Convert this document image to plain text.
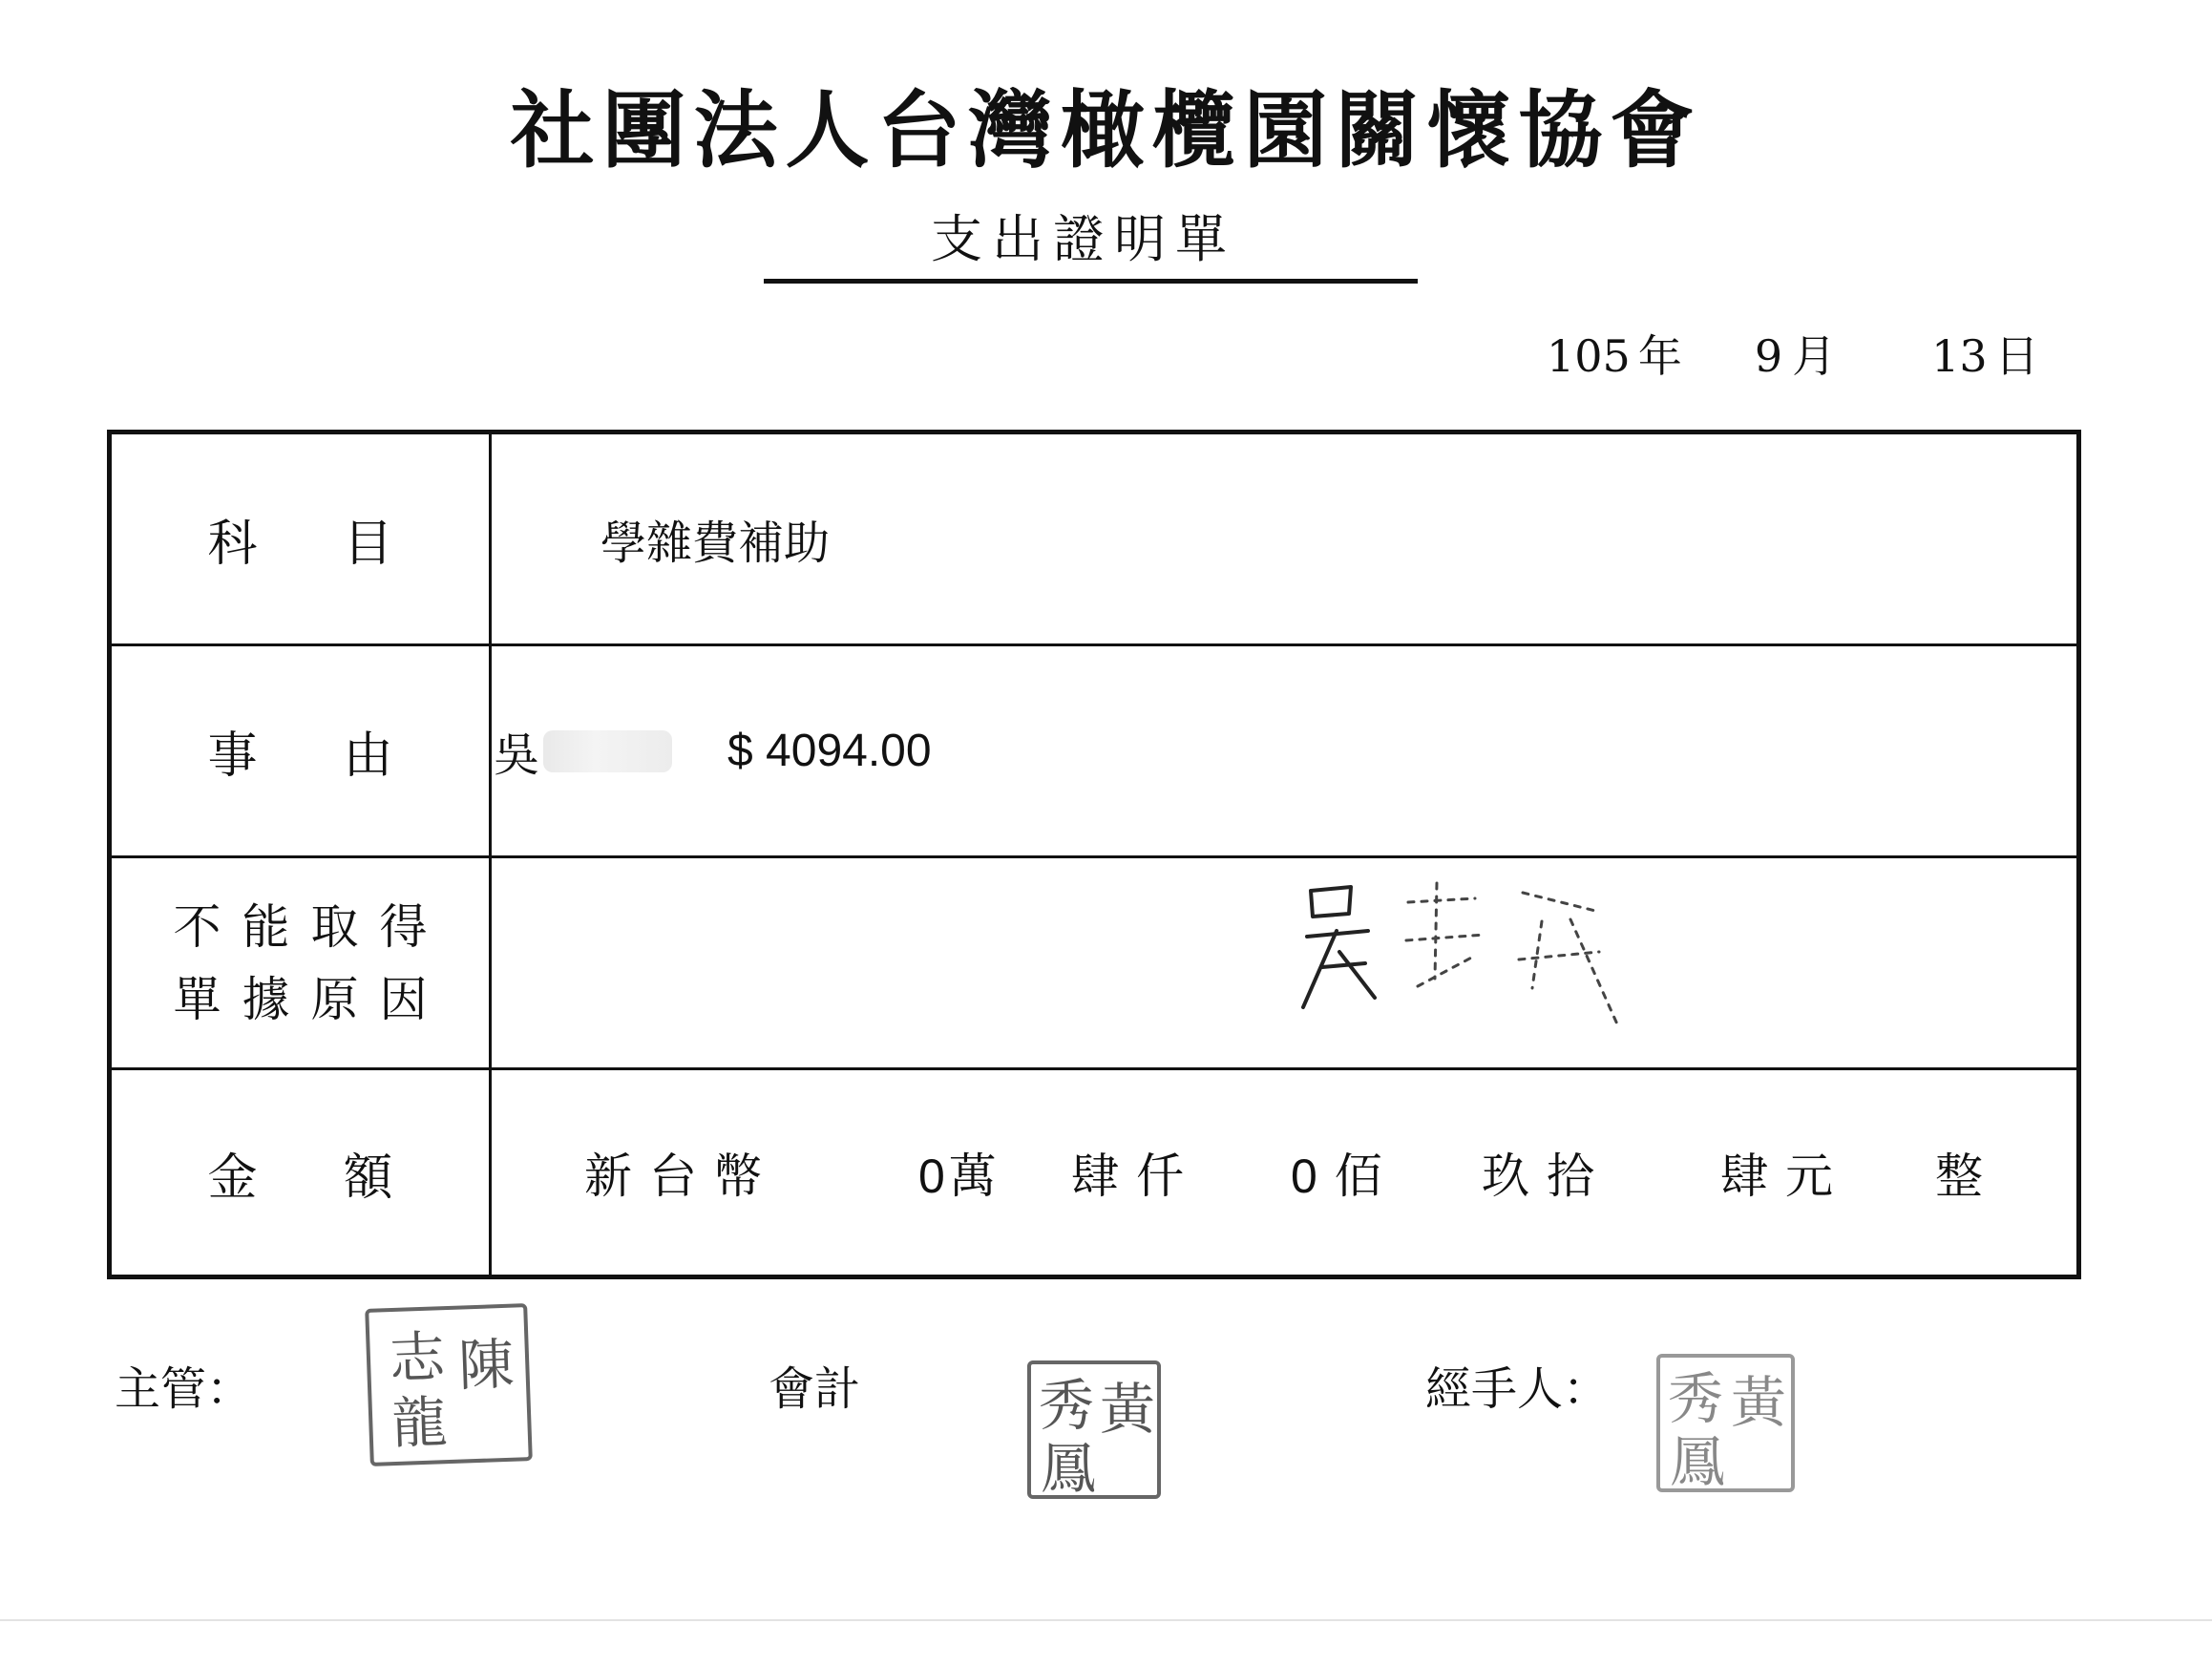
社團法人台灣橄欖園關懷協會
支出證明單
105 年 9 月 13 日
科目	學雜費補助
事由 吳	$ 4094.00
不能取得
單據原因
金額 新台幣	0萬 肆仟 0佰 玖拾 肆元 整
主管：	陳
志
龍	會計	黃
秀
鳳
經手人： 黃
秀
鳳
